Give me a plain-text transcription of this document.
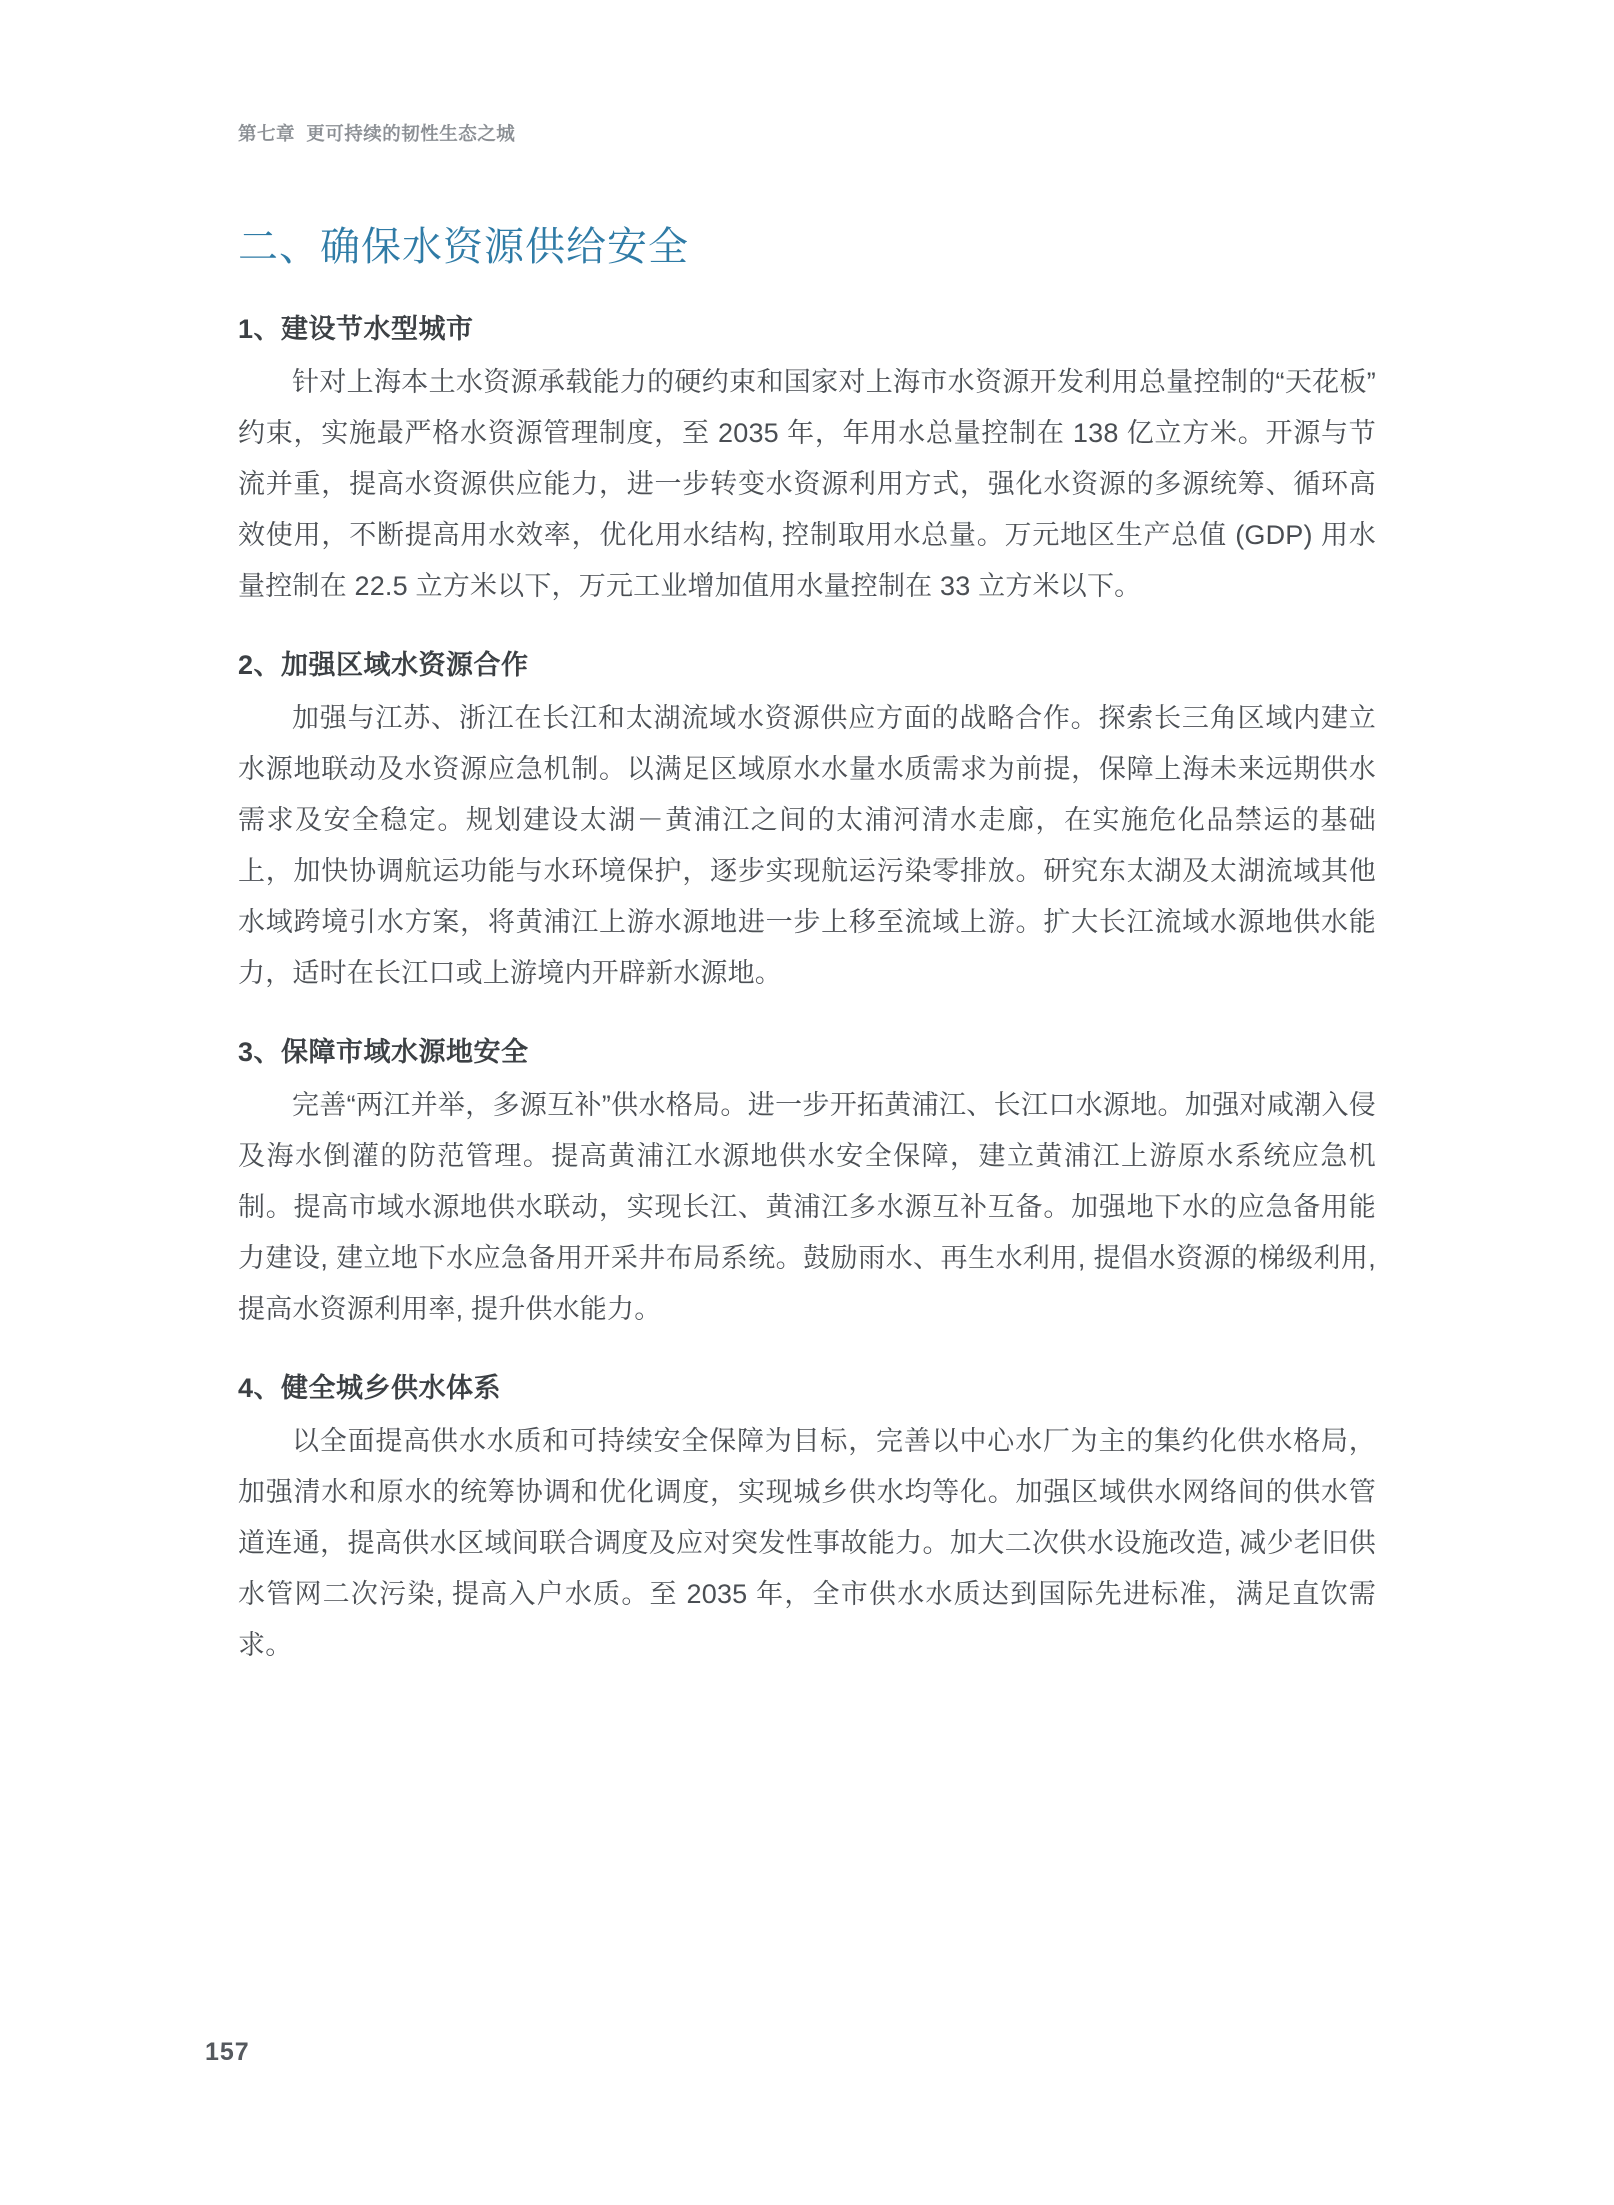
第七章  更可持续的韧性生态之城
二、确保水资源供给安全
1、建设节水型城市

针对上海本土水资源承载能力的硬约束和国家对上海市水资源开发利用总量控制的“天花板”约束，实施最严格水资源管理制度，至 2035 年，年用水总量控制在 138 亿立方米。开源与节流并重，提高水资源供应能力，进一步转变水资源利用方式，强化水资源的多源统筹、循环高效使用，不断提高用水效率，优化用水结构, 控制取用水总量。万元地区生产总值 (GDP) 用水量控制在 22.5 立方米以下，万元工业增加值用水量控制在 33 立方米以下。

2、加强区域水资源合作

加强与江苏、浙江在长江和太湖流域水资源供应方面的战略合作。探索长三角区域内建立水源地联动及水资源应急机制。以满足区域原水水量水质需求为前提，保障上海未来远期供水需求及安全稳定。规划建设太湖－黄浦江之间的太浦河清水走廊，在实施危化品禁运的基础上，加快协调航运功能与水环境保护，逐步实现航运污染零排放。研究东太湖及太湖流域其他水域跨境引水方案，将黄浦江上游水源地进一步上移至流域上游。扩大长江流域水源地供水能力，适时在长江口或上游境内开辟新水源地。

3、保障市域水源地安全

完善“两江并举，多源互补”供水格局。进一步开拓黄浦江、长江口水源地。加强对咸潮入侵及海水倒灌的防范管理。提高黄浦江水源地供水安全保障，建立黄浦江上游原水系统应急机制。提高市域水源地供水联动，实现长江、黄浦江多水源互补互备。加强地下水的应急备用能力建设, 建立地下水应急备用开采井布局系统。鼓励雨水、再生水利用, 提倡水资源的梯级利用, 提高水资源利用率, 提升供水能力。

4、健全城乡供水体系

以全面提高供水水质和可持续安全保障为目标，完善以中心水厂为主的集约化供水格局，加强清水和原水的统筹协调和优化调度，实现城乡供水均等化。加强区域供水网络间的供水管道连通，提高供水区域间联合调度及应对突发性事故能力。加大二次供水设施改造, 减少老旧供水管网二次污染, 提高入户水质。至 2035 年，全市供水水质达到国际先进标准，满足直饮需求。

157
